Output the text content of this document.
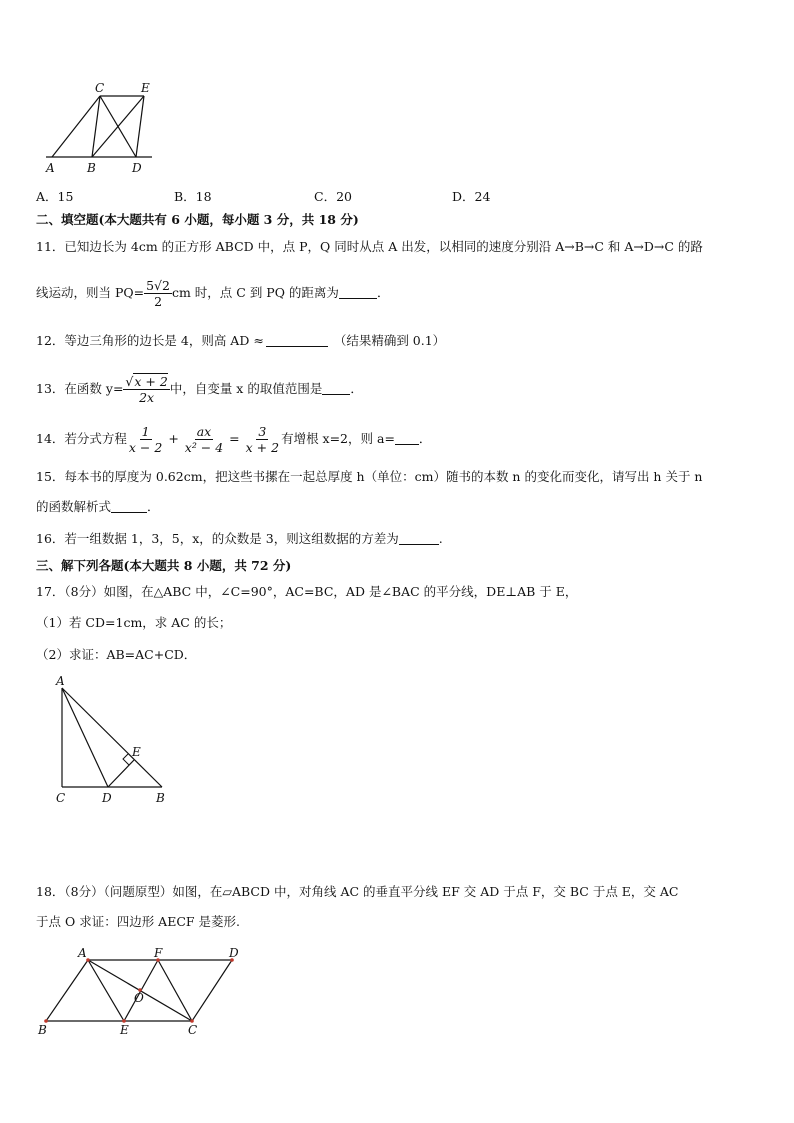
C	E
A	B	D
A．15	B．18	C．20	D．24
二、填空题(本大题共有 6 小题，每小题 3 分，共 18 分)
11．已知边长为 4cm 的正方形 ABCD 中，点 P，Q 同时从点 A 出发，以相同的速度分别沿 A→B→C 和 A→D→C 的路
线运动，则当 $PQ= \frac{5√2}{2}$ cm 时，点 C 到 PQ 的距离为	．
12．等边三角形的边长是 4，则高 AD ≈	（结果精确到 0.1）
13．在函数 $y= \frac{√x + 2}{2x}$ 中，自变量 x 的取值范围是 ．
14．若分式方程 $\frac{1}{x - 2} + \frac{ax}{\text{x² − 4}} = \frac{3}{x + 2}$ 有增根 x=2，则 a= ．
15．每本书的厚度为 0.62cm，把这些书摞在一起总厚度 h（单位：cm）随书的本数 n 的变化而变化，请写出 h 关于 n
的函数解析式	．
16．若一组数据 1，3，5，x，的众数是 3，则这组数据的方差为	.
三、解下列各题(本大题共 8 小题，共 72 分)
17．（8分）如图，在△ABC 中，∠C=90°，AC=BC，AD 是∠BAC 的平分线，DE⊥AB 于 E，
（1）若 CD=1cm，求 AC 的长；
（2）求证：AB=AC+CD．
A
E
C	D	B
18．（8分）（问题原型）如图，在▱ABCD 中，对角线 AC 的垂直平分线 EF 交 AD 于点 F，交 BC 于点 E，交 AC
于点 O 求证：四边形 AECF 是菱形.
A	F	D
O
B	E	C
